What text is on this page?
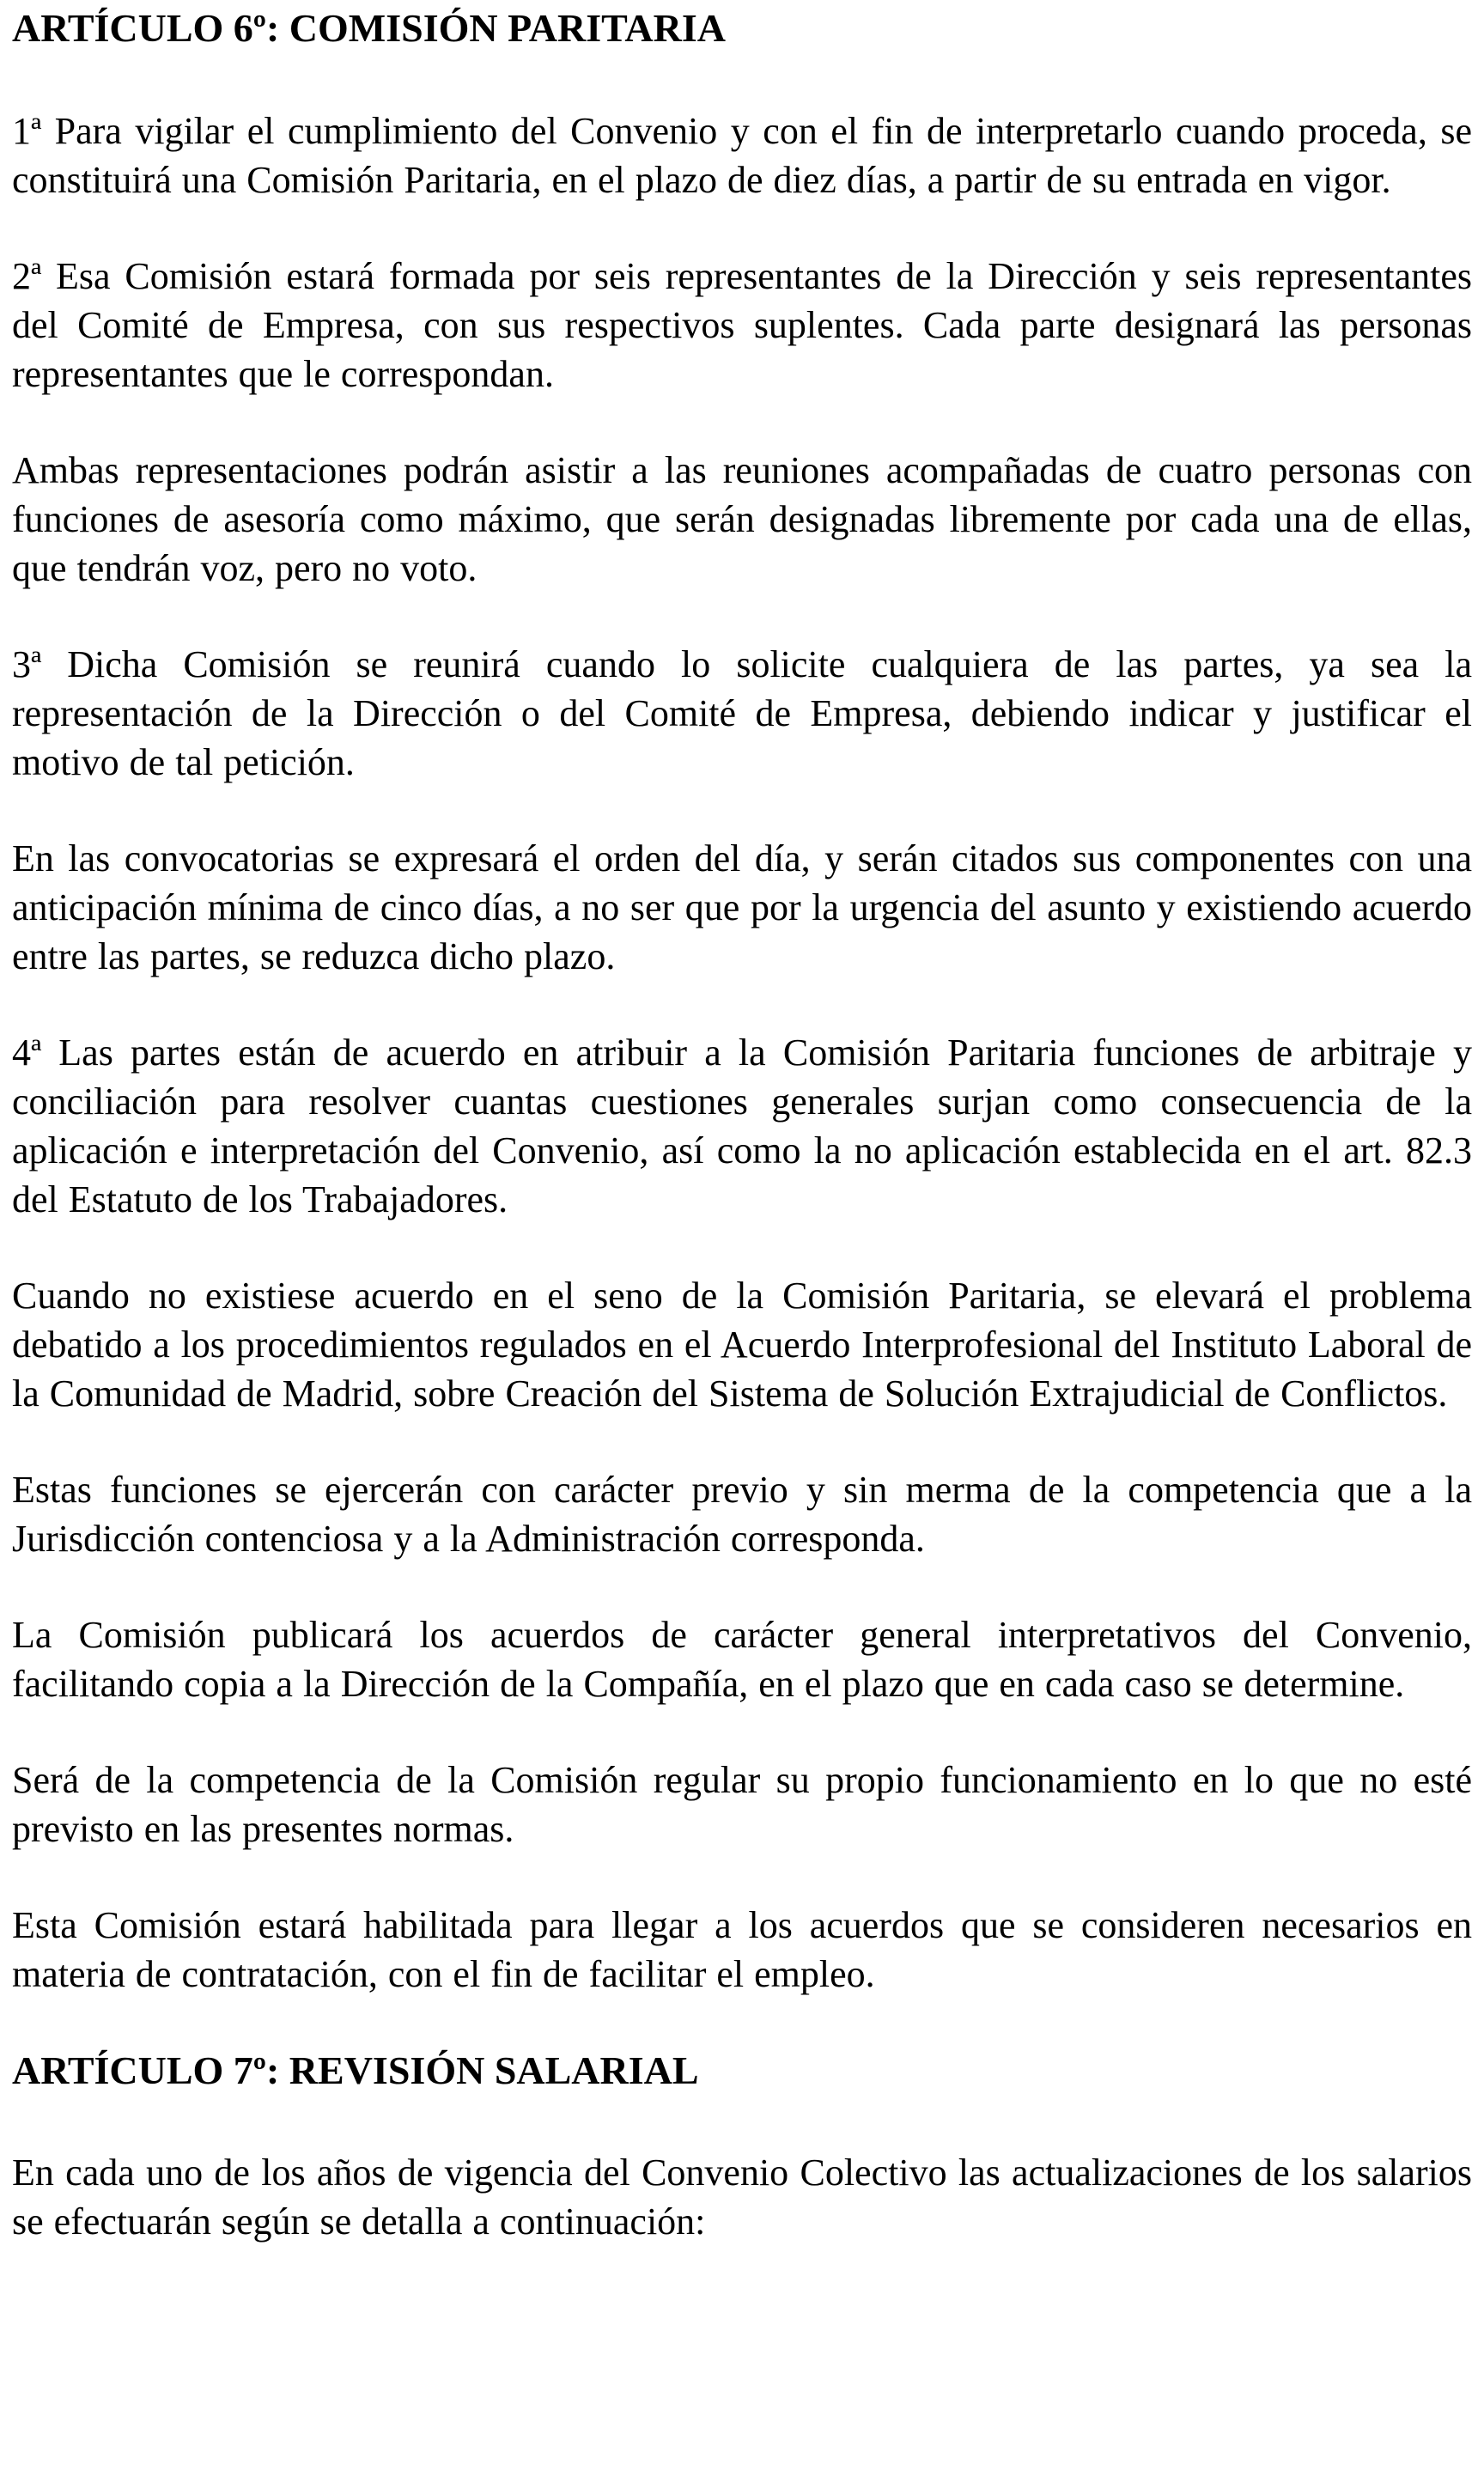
ARTÍCULO 6º: COMISIÓN PARITARIA

1ª Para vigilar el cumplimiento del Convenio y con el fin de interpretarlo cuando proceda, se constituirá una Comisión Paritaria, en el plazo de diez días, a partir de su entrada en vigor.

2ª Esa Comisión estará formada por seis representantes de la Dirección y seis representantes del Comité de Empresa, con sus respectivos suplentes. Cada parte designará las personas representantes que le correspondan.

Ambas representaciones podrán asistir a las reuniones acompañadas de cuatro personas con funciones de asesoría como máximo, que serán designadas libremente por cada una de ellas, que tendrán voz, pero no voto.

3ª Dicha Comisión se reunirá cuando lo solicite cualquiera de las partes, ya sea la representación de la Dirección o del Comité de Empresa, debiendo indicar y justificar el motivo de tal petición.

En las convocatorias se expresará el orden del día, y serán citados sus componentes con una anticipación mínima de cinco días, a no ser que por la urgencia del asunto y existiendo acuerdo entre las partes, se reduzca dicho plazo.

4ª Las partes están de acuerdo en atribuir a la Comisión Paritaria funciones de arbitraje y conciliación para resolver cuantas cuestiones generales surjan como consecuencia de la aplicación e interpretación del Convenio, así como la no aplicación establecida en el art. 82.3 del Estatuto de los Trabajadores.

Cuando no existiese acuerdo en el seno de la Comisión Paritaria, se elevará el problema debatido a los procedimientos regulados en el Acuerdo Interprofesional del Instituto Laboral de la Comunidad de Madrid, sobre Creación del Sistema de Solución Extrajudicial de Conflictos.

Estas funciones se ejercerán con carácter previo y sin merma de la competencia que a la Jurisdicción contenciosa y a la Administración corresponda.

La Comisión publicará los acuerdos de carácter general interpretativos del Convenio, facilitando copia a la Dirección de la Compañía, en el plazo que en cada caso se determine.

Será de la competencia de la Comisión regular su propio funcionamiento en lo que no esté previsto en las presentes normas.

Esta Comisión estará habilitada para llegar a los acuerdos que se consideren necesarios en materia de contratación, con el fin de facilitar el empleo.

ARTÍCULO 7º: REVISIÓN SALARIAL

En cada uno de los años de vigencia del Convenio Colectivo las actualizaciones de los salarios se efectuarán según se detalla a continuación:
